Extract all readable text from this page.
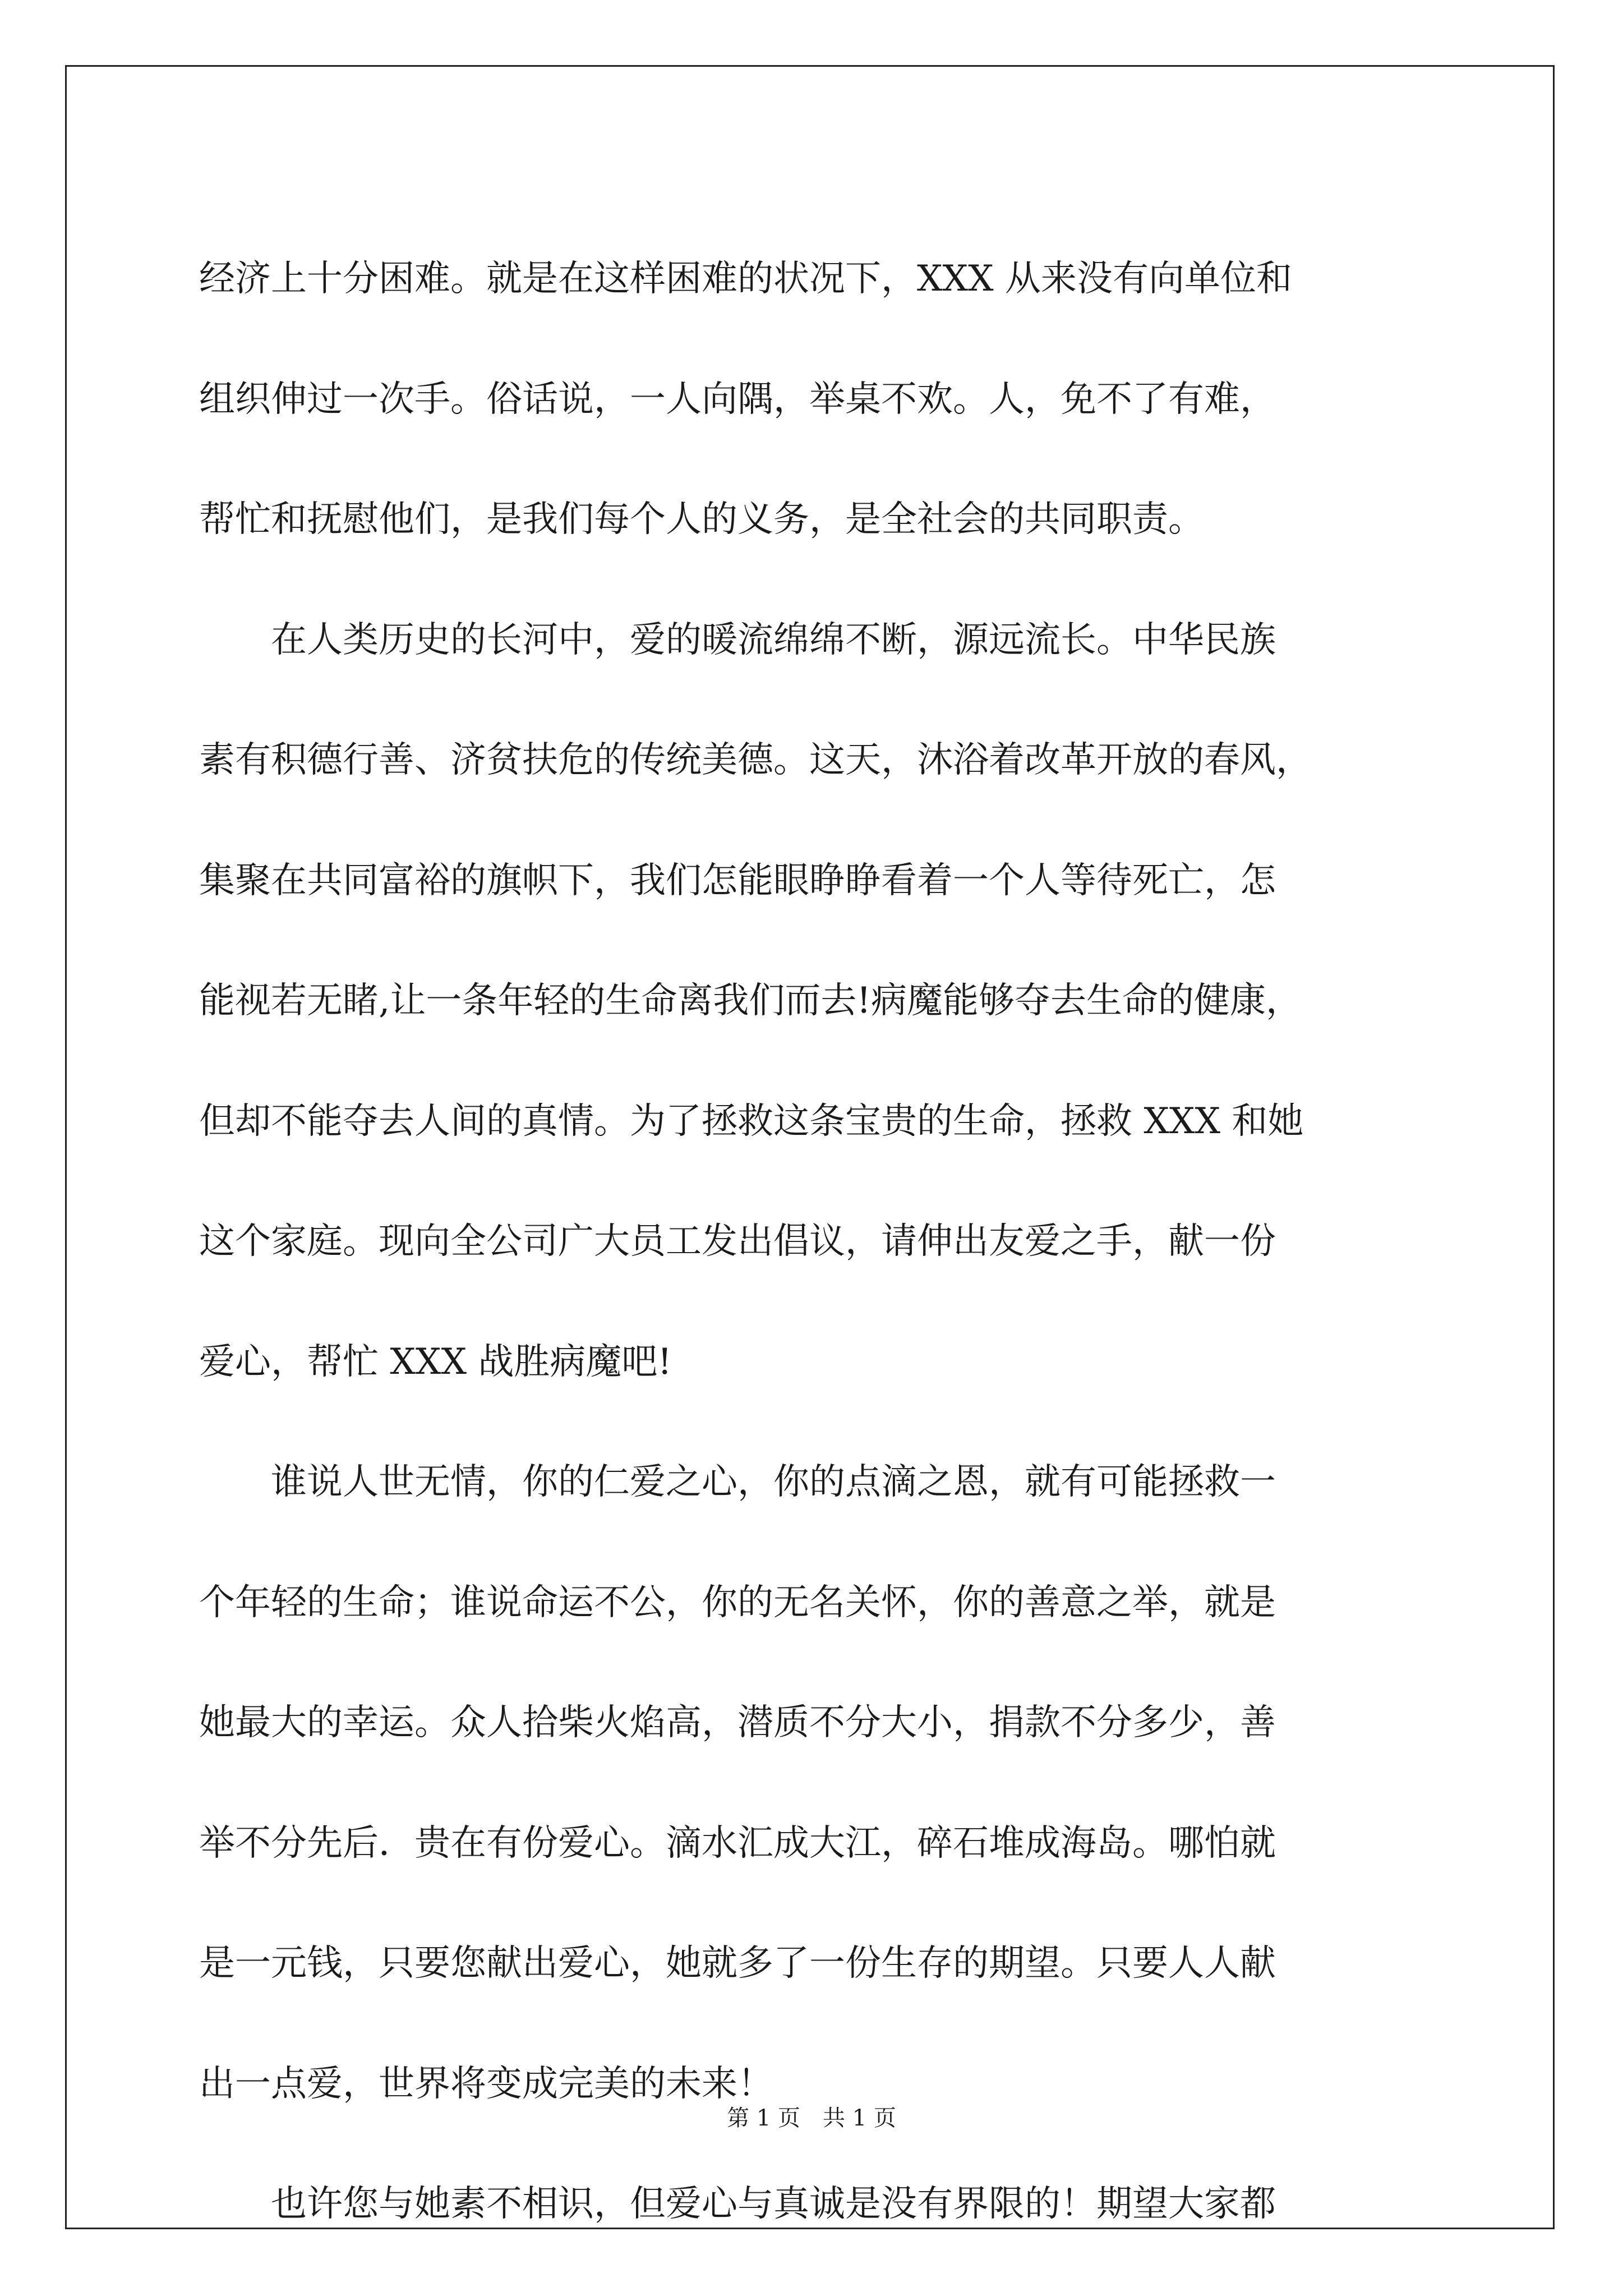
经济上十分困难。就是在这样困难的状况下，XXX 从来没有向单位和
组织伸过一次手。俗话说，一人向隅，举桌不欢。人，免不了有难，
帮忙和抚慰他们，是我们每个人的义务，是全社会的共同职责。
　　在人类历史的长河中，爱的暖流绵绵不断，源远流长。中华民族
素有积德行善、济贫扶危的传统美德。这天，沐浴着改革开放的春风，
集聚在共同富裕的旗帜下，我们怎能眼睁睁看着一个人等待死亡，怎
能视若无睹,让一条年轻的生命离我们而去!病魔能够夺去生命的健康，
但却不能夺去人间的真情。为了拯救这条宝贵的生命，拯救 XXX 和她
这个家庭。现向全公司广大员工发出倡议，请伸出友爱之手，献一份
爱心，帮忙 XXX 战胜病魔吧!
　　谁说人世无情，你的仁爱之心，你的点滴之恩，就有可能拯救一
个年轻的生命；谁说命运不公，你的无名关怀，你的善意之举，就是
她最大的幸运。众人拾柴火焰高，潜质不分大小，捐款不分多少，善
举不分先后．贵在有份爱心。滴水汇成大江，碎石堆成海岛。哪怕就
是一元钱，只要您献出爱心，她就多了一份生存的期望。只要人人献
出一点爱，世界将变成完美的未来！
　　也许您与她素不相识，但爱心与真诚是没有界限的！期望大家都
第 1 页　共 1 页
